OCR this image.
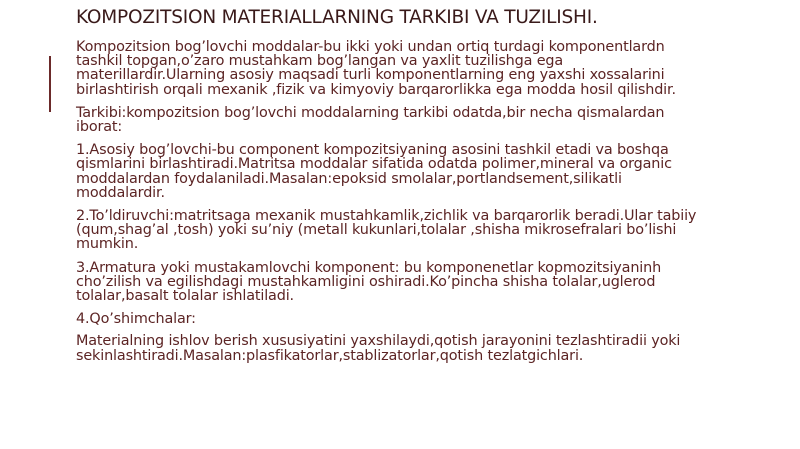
KOMPOZITSION MATERIALLARNING TARKIBI VA TUZILISHI.

Kompozitsion bog’lovchi moddalar-bu ikki yoki undan ortiq turdagi komponentlardn
tashkil topgan,o’zaro mustahkam bog’langan va yaxlit tuzilishga ega
materillardir.Ularning asosiy maqsadi turli komponentlarning eng yaxshi xossalarini
birlashtirish orqali mexanik ,fizik va kimyoviy barqarorlikka ega modda hosil qilishdir.

Tarkibi:kompozitsion bog’lovchi moddalarning tarkibi odatda,bir necha qismalardan
iborat:

1.Asosiy bog’lovchi-bu component kompozitsiyaning asosini tashkil etadi va boshqa
qismlarini birlashtiradi.Matritsa moddalar sifatida odatda polimer,mineral va organic
moddalardan foydalaniladi.Masalan:epoksid smolalar,portlandsement,silikatli
moddalardir.

2.To’ldiruvchi:matritsaga mexanik mustahkamlik,zichlik va barqarorlik beradi.Ular tabiiy
(qum,shag’al ,tosh) yoki su’niy (metall kukunlari,tolalar ,shisha mikrosefralari bo’lishi
mumkin.

3.Armatura yoki mustakamlovchi komponent: bu komponenetlar kopmozitsiyaninh
cho’zilish va egilishdagi mustahkamligini oshiradi.Ko’pincha shisha tolalar,uglerod
tolalar,basalt tolalar ishlatiladi.

4.Qo’shimchalar:

Materialning ishlov berish xususiyatini yaxshilaydi,qotish jarayonini tezlashtiradii yoki
sekinlashtiradi.Masalan:plasfikatorlar,stablizatorlar,qotish tezlatgichlari.
